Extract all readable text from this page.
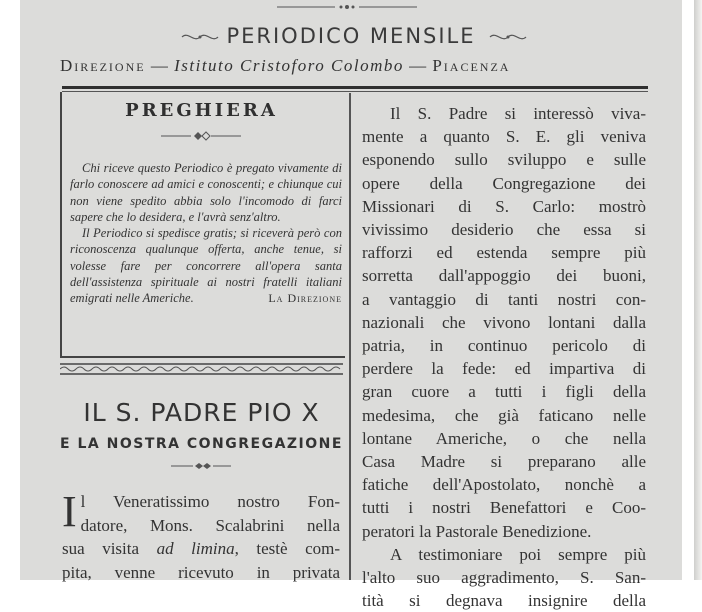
PERIODICO MENSILE
Direzione — Istituto Cristoforo Colombo — Piacenza
PREGHIERA

Chi riceve questo Periodico è pregato vivamente di farlo conoscere ad amici e conoscenti; e chiunque cui non viene spedito abbia solo l'incomodo di farci sapere che lo desidera, e l'avrà senz'altro.

Il Periodico si spedisce gratis; si riceverà però con riconoscenza qualunque offerta, anche tenue, si volesse fare per concorrere all'opera santa dell'assistenza spirituale ai nostri fratelli italiani emigrati nelle Americhe.	La Direzione

IL S. PADRE PIO X
E LA NOSTRA CONGREGAZIONE
I l Veneratissimo nostro Fon-
datore, Mons. Scalabrini nella
sua visita ad limina, testè com-
pita, venne ricevuto in privata
Il S. Padre si interessò viva-
mente a quanto S. E. gli veniva
esponendo sullo sviluppo e sulle
opere della Congregazione dei
Missionari di S. Carlo: mostrò
vivissimo desiderio che essa si
rafforzi ed estenda sempre più
sorretta dall'appoggio dei buoni,
a vantaggio di tanti nostri con-
nazionali che vivono lontani dalla
patria, in continuo pericolo di
perdere la fede: ed impartiva di
gran cuore a tutti i figli della
medesima, che già faticano nelle
lontane Americhe, o che nella
Casa Madre si preparano alle
fatiche dell'Apostolato, nonchè a
tutti i nostri Benefattori e Coo-
peratori la Pastorale Benedizione.
A testimoniare poi sempre più
l'alto suo aggradimento, S. San-
tità si degnava insignire della
